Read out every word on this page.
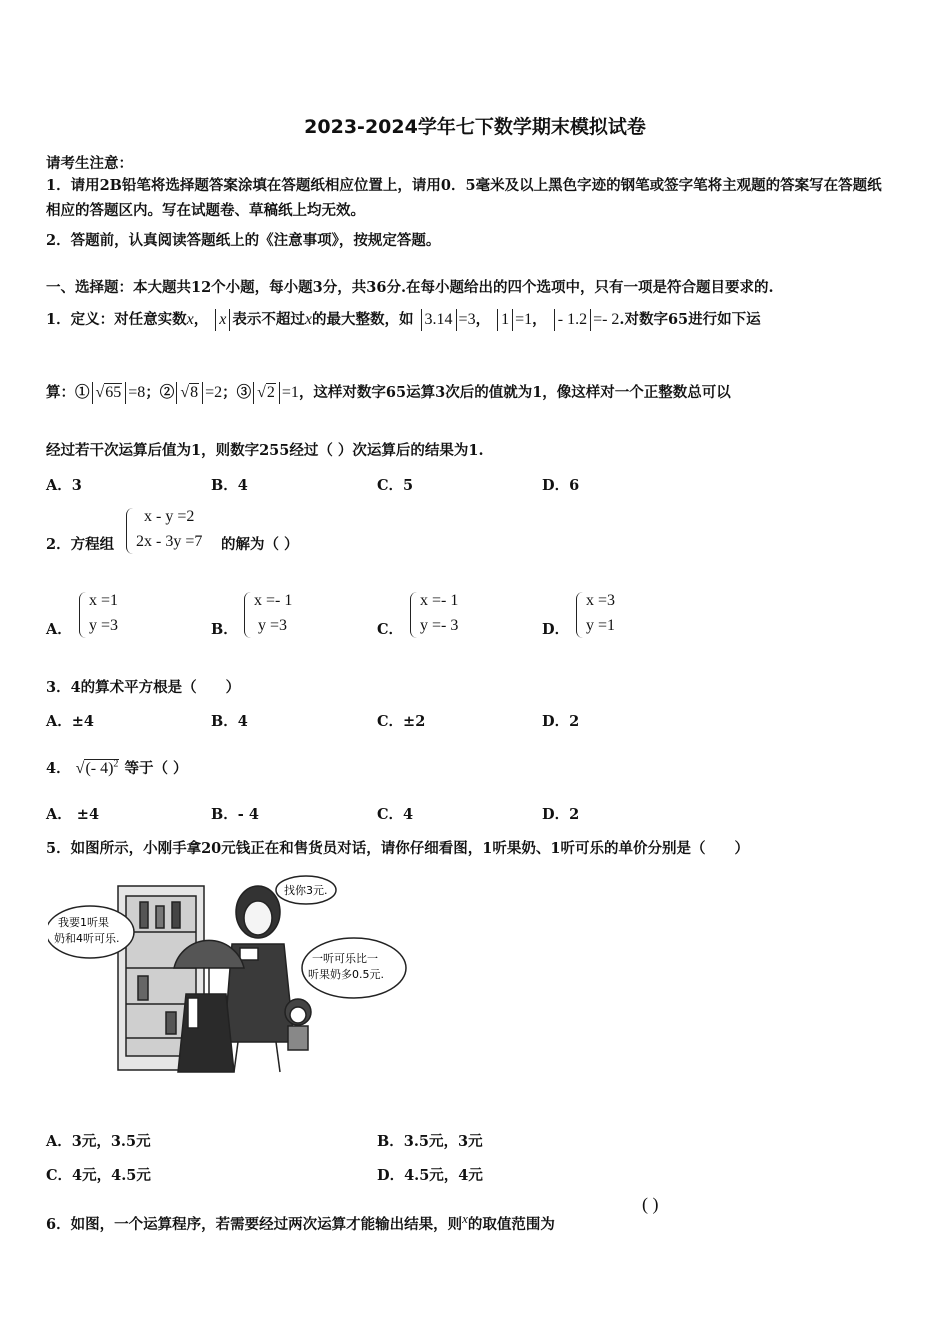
2023-2024学年七下数学期末模拟试卷
请考生注意：
1．请用2B铅笔将选择题答案涂填在答题纸相应位置上，请用0．5毫米及以上黑色字迹的钢笔或签字笔将主观题的答案写在答题纸相应的答题区内。写在试题卷、草稿纸上均无效。
2．答题前，认真阅读答题纸上的《注意事项》，按规定答题。
一、选择题：本大题共12个小题，每小题3分，共36分.在每小题给出的四个选项中，只有一项是符合题目要求的.
1．定义：对任意实数x， x 表示不超过x的最大整数，如 3.14 =3， 1 =1， - 1.2 =- 2.对数字65进行如下运
算：① √65 =8；② √8 =2；③ √2 =1，这样对数字65运算3次后的值就为1，像这样对一个正整数总可以
经过若干次运算后值为1，则数字255经过（ ）次运算后的结果为1.
A．3	B．4	C．5	D．6
2．方程组
x - y =2
2x - 3y =7 的解为（ ）
A．
x =1
y =3	B．
x =- 1
y =3	C．
x =- 1
y =- 3	D．
x =3
y =1
3．4的算术平方根是（　　）
A．±4	B．4	C．±2	D．2
4． √(- 4)$^2$ 等于（ ）
A． ±4	B．- 4	C．4	D．2
5．如图所示，小刚手拿20元钱正在和售货员对话，请你仔细看图，1听果奶、1听可乐的单价分别是（　　）
我要1听果
奶和4听可乐.
找你3元.
一听可乐比一
听果奶多0.5元.
A．3元，3.5元	B．3.5元，3元
C．4元，4.5元	D．4.5元，4元
6．如图，一个运算程序，若需要经过两次运算才能输出结果，则$^x$的取值范围为
( )
